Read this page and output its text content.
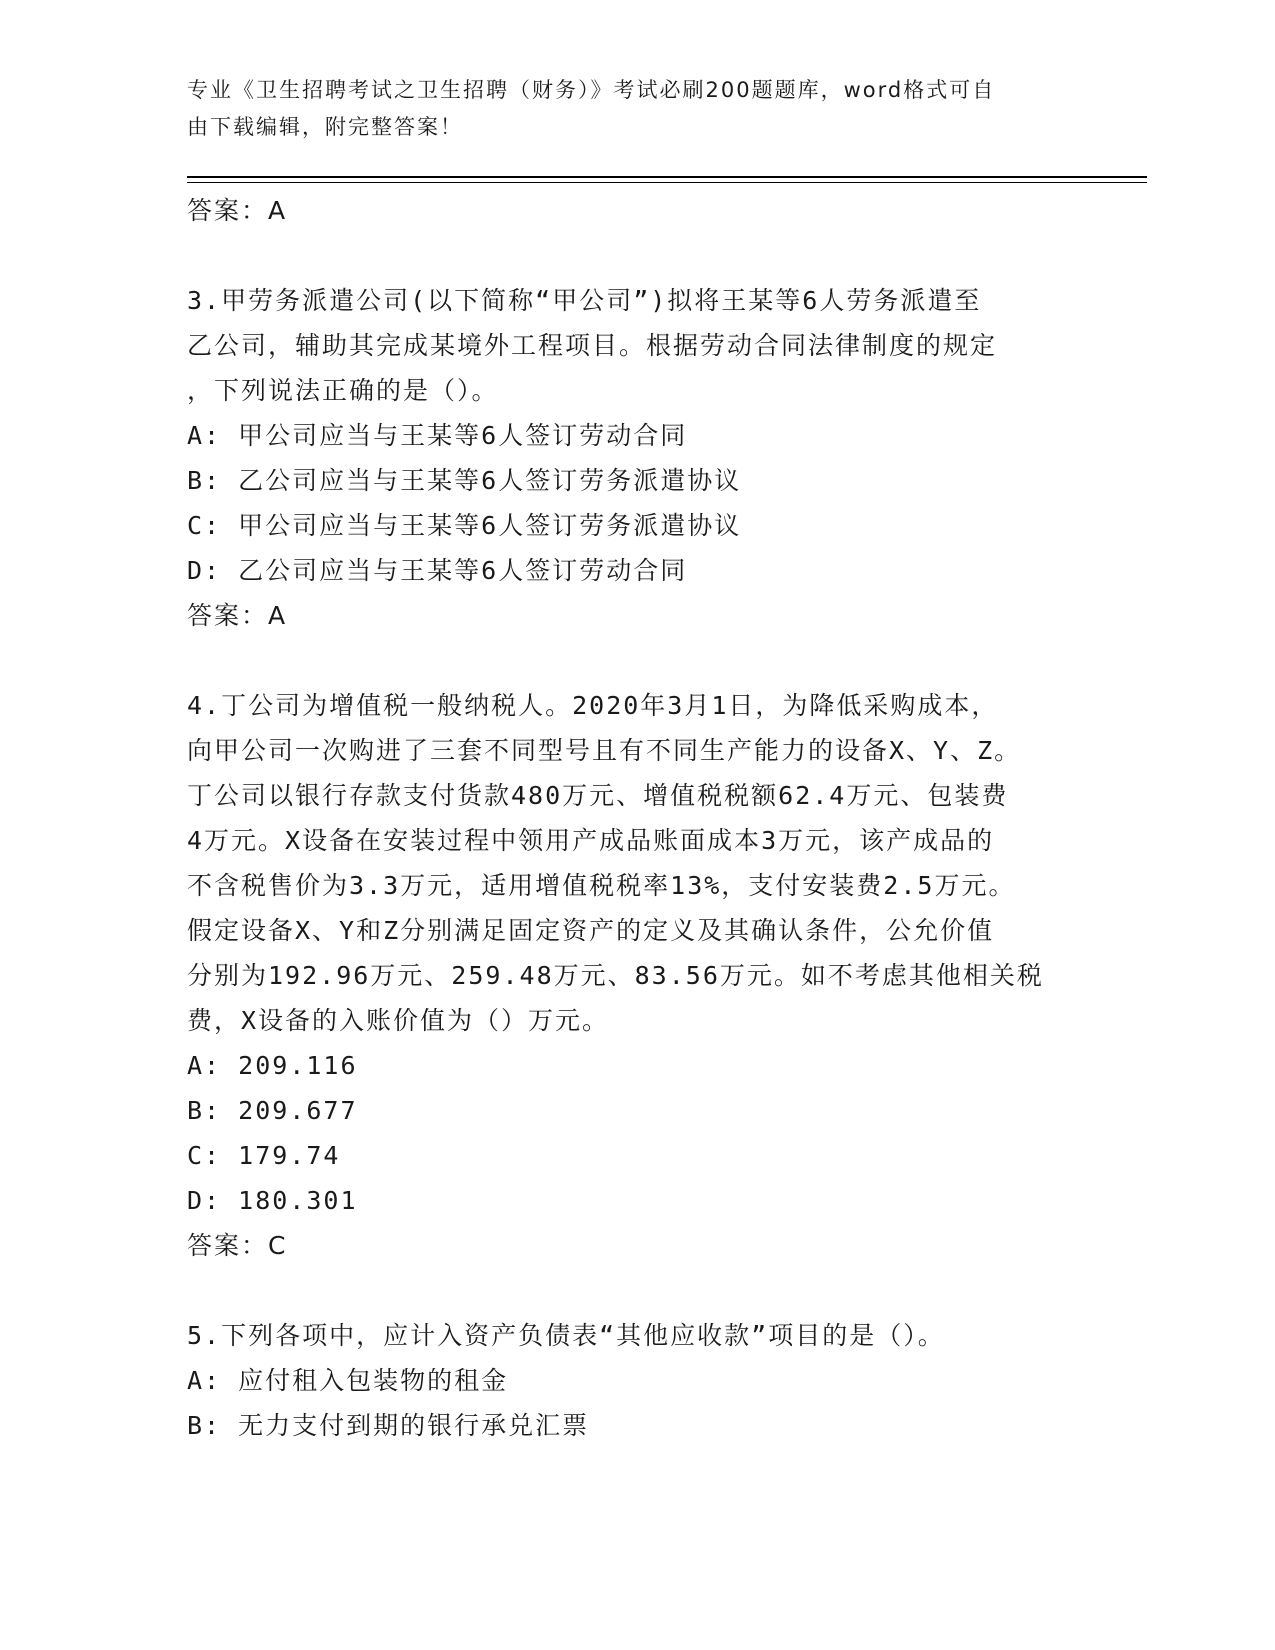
专业《卫生招聘考试之卫生招聘（财务）》考试必刷200题题库，word格式可自
由下载编辑，附完整答案！
答案：A
3.甲劳务派遣公司(以下简称“甲公司”)拟将王某等6人劳务派遣至
乙公司，辅助其完成某境外工程项目。根据劳动合同法律制度的规定
，下列说法正确的是（）。
A: 甲公司应当与王某等6人签订劳动合同
B: 乙公司应当与王某等6人签订劳务派遣协议
C: 甲公司应当与王某等6人签订劳务派遣协议
D: 乙公司应当与王某等6人签订劳动合同
答案：A
4.丁公司为增值税一般纳税人。2020年3月1日，为降低采购成本，
向甲公司一次购进了三套不同型号且有不同生产能力的设备X、Y、Z。
丁公司以银行存款支付货款480万元、增值税税额62.4万元、包装费
4万元。X设备在安装过程中领用产成品账面成本3万元，该产成品的
不含税售价为3.3万元，适用增值税税率13%，支付安装费2.5万元。
假定设备X、Y和Z分别满足固定资产的定义及其确认条件，公允价值
分别为192.96万元、259.48万元、83.56万元。如不考虑其他相关税
费，X设备的入账价值为（）万元。
A: 209.116
B: 209.677
C: 179.74
D: 180.301
答案：C
5.下列各项中，应计入资产负债表“其他应收款”项目的是（）。
A: 应付租入包装物的租金
B: 无力支付到期的银行承兑汇票
